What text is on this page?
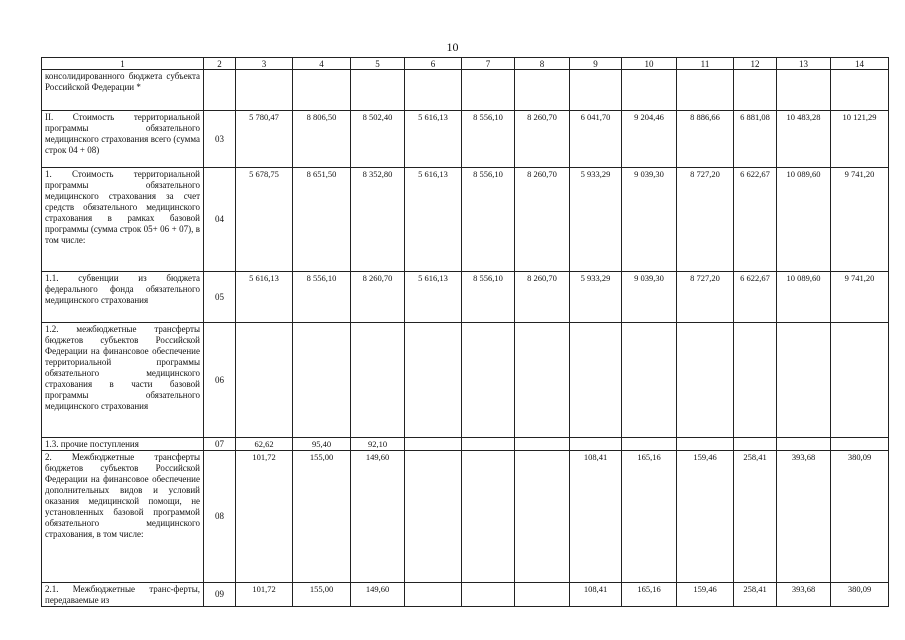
10
1	2	3	4	5	6	7	8	9	10	11	12	13	14
консолидированного бюджета субъекта Российской Федерации *													
II. Стоимость территориальной программы обязательного медицинского страхования всего (сумма строк 04 + 08)	03	5 780,47	8 806,50	8 502,40	5 616,13	8 556,10	8 260,70	6 041,70	9 204,46	8 886,66	6 881,08	10 483,28	10 121,29
1. Стоимость территориальной программы обязательного медицинского страхования за счет средств обязательного медицинского страхования в рамках базовой программы (сумма строк 05+ 06 + 07), в том числе:	04	5 678,75	8 651,50	8 352,80	5 616,13	8 556,10	8 260,70	5 933,29	9 039,30	8 727,20	6 622,67	10 089,60	9 741,20
1.1. субвенции из бюджета федерального фонда обязательного медицинского страхования	05	5 616,13	8 556,10	8 260,70	5 616,13	8 556,10	8 260,70	5 933,29	9 039,30	8 727,20	6 622,67	10 089,60	9 741,20
1.2. межбюджетные трансферты бюджетов субъектов Российской Федерации на финансовое обеспечение территориальной программы обязательного медицинского страхования в части базовой программы обязательного медицинского страхования	06												
1.3. прочие поступления	07	62,62	95,40	92,10									
2. Межбюджетные трансферты бюджетов субъектов Российской Федерации на финансовое обеспечение дополнительных видов и условий оказания медицинской помощи, не установленных базовой программой обязательного медицинского страхования, в том числе:	08	101,72	155,00	149,60				108,41	165,16	159,46	258,41	393,68	380,09
2.1. Межбюджетные транс-ферты, передаваемые из	09	101,72	155,00	149,60				108,41	165,16	159,46	258,41	393,68	380,09
